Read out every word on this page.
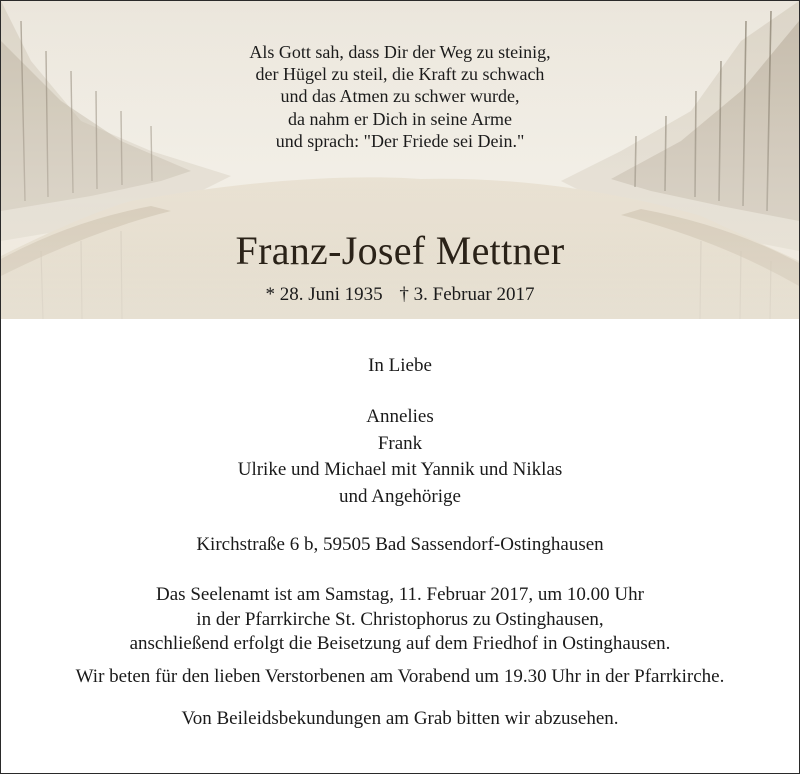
Als Gott sah, dass Dir der Weg zu steinig,
der Hügel zu steil, die Kraft zu schwach
und das Atmen zu schwer wurde,
da nahm er Dich in seine Arme
und sprach: "Der Friede sei Dein."
Franz-Josef Mettner
* 28. Juni 1935 † 3. Februar 2017
In Liebe
Annelies
Frank
Ulrike und Michael mit Yannik und Niklas
und Angehörige
Kirchstraße 6 b, 59505 Bad Sassendorf-Ostinghausen
Das Seelenamt ist am Samstag, 11. Februar 2017, um 10.00 Uhr
in der Pfarrkirche St. Christophorus zu Ostinghausen,
anschließend erfolgt die Beisetzung auf dem Friedhof in Ostinghausen.
Wir beten für den lieben Verstorbenen am Vorabend um 19.30 Uhr in der Pfarrkirche.
Von Beileidsbekundungen am Grab bitten wir abzusehen.
